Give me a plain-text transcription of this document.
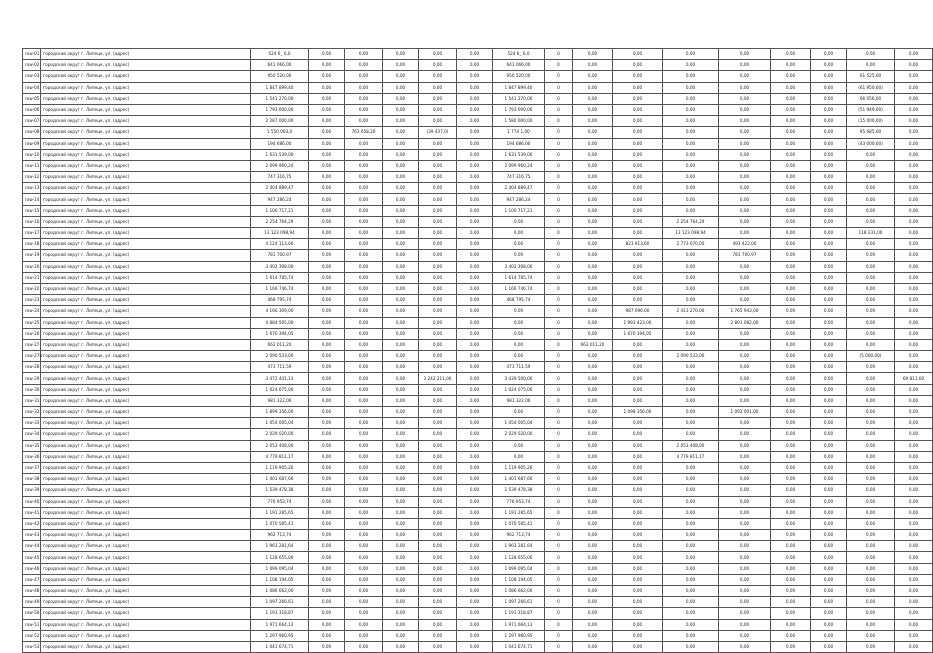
row-01	городской округ г. Липецк, ул. (адрес)	524 6_ 6,0	0,00	0,00	0,00	0,00	0,00	524 6_ 6,0	0	0,00	0,00	0,00	0,00	0,00	0,00	0,00	0,00
row-02	городской округ г. Липецк, ул. (адрес)	641 066,00	0,00	0,00	0,00	0,00	0,00	641 066,00	0	0,00	0,00	0,00	0,00	0,00	0,00	0,00	0,00
row-03	городской округ г. Липецк, ул. (адрес)	950 520,00	0,00	0,00	0,00	0,00	0,00	950 520,00	0	0,00	0,00	0,00	0,00	0,00	0,00	61 525,00	0,00
row-04	городской округ г. Липецк, ул. (адрес)	1 847 899,40	0,00	0,00	0,00	0,00	0,00	1 847 899,40	0	0,00	0,00	0,00	0,00	0,00	0,00	(61 950,00)	0,00
row-05	городской округ г. Липецк, ул. (адрес)	1 541 270,00	0,00	0,00	0,00	0,00	0,00	1 541 270,00	0	0,00	0,00	0,00	0,00	0,00	0,00	66 056,00	0,00
row-06	городской округ г. Липецк, ул. (адрес)	1 793 000,00	0,00	0,00	0,00	0,00	0,00	1 793 000,00	0	0,00	0,00	0,00	0,00	0,00	0,00	(51 949,00)	0,00
row-07	городской округ г. Липецк, ул. (адрес)	2 287 000,00	0,00	0,00	0,00	0,00	0,00	1 580 000,00	0	0,00	0,00	0,00	0,00	0,00	0,00	(15 000,00)	0,00
row-08	городской округ г. Липецк, ул. (адрес)	1 550 063,0	0,00	763 658,20	0,00	(39 437,0)	0,00	1 774 1,00	0	0,00	0,00	0,00	0,00	0,00	0,00	95 685,00	0,00
row-09	городской округ г. Липецк, ул. (адрес)	194 686,00	0,00	0,00	0,00	0,00	0,00	194 686,00	0	0,00	0,00	0,00	0,00	0,00	0,00	(43 000,00)	0,00
row-10	городской округ г. Липецк, ул. (адрес)	1 631 539,00	0,00	0,00	0,00	0,00	0,00	1 631 539,00	0	0,00	0,00	0,00	0,00	0,00	0,00	0,00	0,00
row-11	городской округ г. Липецк, ул. (адрес)	2 099 960,24	0,00	0,00	0,00	0,00	0,00	2 099 960,24	0	0,00	0,00	0,00	0,00	0,00	0,00	0,00	0,00
row-12	городской округ г. Липецк, ул. (адрес)	747 316,75	0,00	0,00	0,00	0,00	0,00	747 316,75	0	0,00	0,00	0,00	0,00	0,00	0,00	0,00	0,00
row-13	городской округ г. Липецк, ул. (адрес)	2 404 889,47	0,00	0,00	0,00	0,00	0,00	2 404 889,47	0	0,00	0,00	0,00	0,00	0,00	0,00	0,00	0,00
row-14	городской округ г. Липецк, ул. (адрес)	947 286,24	0,00	0,00	0,00	0,00	0,00	947 286,24	0	0,00	0,00	0,00	0,00	0,00	0,00	0,00	0,00
row-15	городской округ г. Липецк, ул. (адрес)	1 100 717,21	0,00	0,00	0,00	0,00	0,00	1 100 717,21	0	0,00	0,00	0,00	0,00	0,00	0,00	0,00	0,00
row-16	городской округ г. Липецк, ул. (адрес)	2 254 764,29	0,00	0,00	0,00	0,00	0,00	0,00	0	0,00	0,00	2 254 764,29	0,00	0,00	0,00	0,00	0,00
row-17	городской округ г. Липецк, ул. (адрес)	13 123 098,94	0,00	0,00	0,00	0,00	0,00	0,00	0	0,00	0,00	13 123 098,94	0,00	0,00	0,00	118 231,00	0,00
row-18	городской округ г. Липецк, ул. (адрес)	4 124 113,60	0,00	0,00	0,00	0,00	0,00	0,00	0	0,00	823 913,60	2 773 070,00	493 422,00	0,00	0,00	0,00	0,00
row-19	городской округ г. Липецк, ул. (адрес)	781 700,97	0,00	0,00	0,00	0,00	0,00	0,00	0	0,00	0,00	0,00	781 700,97	0,00	0,00	0,00	0,00
row-20	городской округ г. Липецк, ул. (адрес)	3 402 308,00	0,00	0,00	0,00	0,00	0,00	3 402 308,00	0	0,00	0,00	0,00	0,00	0,00	0,00	0,00	0,00
row-21	городской округ г. Липецк, ул. (адрес)	1 614 785,74	0,00	0,00	0,00	0,00	0,00	1 614 785,74	0	0,00	0,00	0,00	0,00	0,00	0,00	0,00	0,00
row-22	городской округ г. Липецк, ул. (адрес)	1 166 746,74	0,00	0,00	0,00	0,00	0,00	1 166 746,74	0	0,00	0,00	0,00	0,00	0,00	0,00	0,00	0,00
row-23	городской округ г. Липецк, ул. (адрес)	468 795,74	0,00	0,00	0,00	0,00	0,00	468 795,74	0	0,00	0,00	0,00	0,00	0,00	0,00	0,00	0,00
row-24	городской округ г. Липецк, ул. (адрес)	4 166 309,00	0,00	0,00	0,00	0,00	0,00	0,00	0	0,00	987 096,00	2 413 270,00	1 765 943,00	0,00	0,00	0,00	0,00
row-25	городской округ г. Липецк, ул. (адрес)	4 884 505,00	0,00	0,00	0,00	0,00	0,00	0,00	0	0,00	1 993 423,00	0,00	2 891 082,00	0,00	0,00	0,00	0,00
row-26	городской округ г. Липецк, ул. (адрес)	1 670 394,05	0,00	0,00	0,00	0,00	0,00	0,00	0	0,00	1 670 394,05	0,00	0,00	0,00	0,00	0,00	0,00
row-27	городской округ г. Липецк, ул. (адрес)	662 011,20	0,00	0,00	0,00	0,00	0,00	0,00	0	662 011,20	0,00	0,00	0,00	0,00	0,00	0,00	0,00
row-27b	городской округ г. Липецк, ул. (адрес)	2 090 533,00	0,00	0,00	0,00	0,00	0,00	0,00	0	0,00	0,00	2 090 533,00	0,00	0,00	0,00	(5 000,00)	0,00
row-28	городской округ г. Липецк, ул. (адрес)	473 711,59	0,00	0,00	0,00	0,00	0,00	473 711,59	0	0,00	0,00	0,00	0,00	0,00	0,00	0,00	0,00
row-29	городской округ г. Липецк, ул. (адрес)	3 472 441,13	0,00	0,00	0,00	3 242 211,00	0,00	3 439 500,00	0	0,00	0,00	0,00	0,00	0,00	0,00	0,00	69 811,00
row-30	городской округ г. Липецк, ул. (адрес)	1 024 075,00	0,00	0,00	0,00	0,00	0,00	1 024 075,00	0	0,00	0,00	0,00	0,00	0,00	0,00	0,00	0,00
row-31	городской округ г. Липецк, ул. (адрес)	981 322,06	0,00	0,00	0,00	0,00	0,00	981 322,06	0	0,00	0,00	0,00	0,00	0,00	0,00	0,00	0,00
row-32	городской округ г. Липецк, ул. (адрес)	1 899 356,00	0,00	0,00	0,00	0,00	0,00	0,00	0	0,00	1 098 356,00	0,00	1 092 001,00	0,00	0,00	0,00	0,00
row-33	городской округ г. Липецк, ул. (адрес)	1 054 005,04	0,00	0,00	0,00	0,00	0,00	1 054 005,04	0	0,00	0,00	0,00	0,00	0,00	0,00	0,00	0,00
row-34	городской округ г. Липецк, ул. (адрес)	2 029 020,00	0,00	0,00	0,00	0,00	0,00	2 029 020,00	0	0,00	0,00	0,00	0,00	0,00	0,00	0,00	0,00
row-35	городской округ г. Липецк, ул. (адрес)	2 053 408,00	0,00	0,00	0,00	0,00	0,00	0,00	0	0,00	0,00	2 053 408,00	0,00	0,00	0,00	0,00	0,00
row-36	городской округ г. Липецк, ул. (адрес)	4 779 811,17	0,00	0,00	0,00	0,00	0,00	0,00	0	0,00	0,00	4 779 811,17	0,00	0,00	0,00	0,00	0,00
row-37	городской округ г. Липецк, ул. (адрес)	1 119 905,26	0,00	0,00	0,00	0,00	0,00	1 119 905,26	0	0,00	0,00	0,00	0,00	0,00	0,00	0,00	0,00
row-38	городской округ г. Липецк, ул. (адрес)	1 401 687,66	0,00	0,00	0,00	0,00	0,00	1 401 687,66	0	0,00	0,00	0,00	0,00	0,00	0,00	0,00	0,00
row-39	городской округ г. Липецк, ул. (адрес)	1 539 478,38	0,00	0,00	0,00	0,00	0,00	1 539 478,38	0	0,00	0,00	0,00	0,00	0,00	0,00	0,00	0,00
row-40	городской округ г. Липецк, ул. (адрес)	776 953,74	0,00	0,00	0,00	0,00	0,00	776 953,74	0	0,00	0,00	0,00	0,00	0,00	0,00	0,00	0,00
row-41	городской округ г. Липецк, ул. (адрес)	1 191 285,65	0,00	0,00	0,00	0,00	0,00	1 191 285,65	0	0,00	0,00	0,00	0,00	0,00	0,00	0,00	0,00
row-42	городской округ г. Липецк, ул. (адрес)	1 070 585,41	0,00	0,00	0,00	0,00	0,00	1 070 585,41	0	0,00	0,00	0,00	0,00	0,00	0,00	0,00	0,00
row-43	городской округ г. Липецк, ул. (адрес)	962 713,74	0,00	0,00	0,00	0,00	0,00	962 713,74	0	0,00	0,00	0,00	0,00	0,00	0,00	0,00	0,00
row-44	городской округ г. Липецк, ул. (адрес)	1 963 281,64	0,00	0,00	0,00	0,00	0,00	1 963 281,64	0	0,00	0,00	0,00	0,00	0,00	0,00	0,00	0,00
row-45	городской округ г. Липецк, ул. (адрес)	1 128 655,00	0,00	0,00	0,00	0,00	0,00	1 128 655,00	0	0,00	0,00	0,00	0,00	0,00	0,00	0,00	0,00
row-46	городской округ г. Липецк, ул. (адрес)	1 099 095,04	0,00	0,00	0,00	0,00	0,00	1 099 095,04	0	0,00	0,00	0,00	0,00	0,00	0,00	0,00	0,00
row-47	городской округ г. Липецк, ул. (адрес)	1 108 194,05	0,00	0,00	0,00	0,00	0,00	1 108 194,05	0	0,00	0,00	0,00	0,00	0,00	0,00	0,00	0,00
row-48	городской округ г. Липецк, ул. (адрес)	1 086 662,00	0,00	0,00	0,00	0,00	0,00	1 086 662,00	0	0,00	0,00	0,00	0,00	0,00	0,00	0,00	0,00
row-49	городской округ г. Липецк, ул. (адрес)	1 097 266,61	0,00	0,00	0,00	0,00	0,00	1 097 266,61	0	0,00	0,00	0,00	0,00	0,00	0,00	0,00	0,00
row-50	городской округ г. Липецк, ул. (адрес)	1 191 318,87	0,00	0,00	0,00	0,00	0,00	1 191 318,87	0	0,00	0,00	0,00	0,00	0,00	0,00	0,00	0,00
row-51	городской округ г. Липецк, ул. (адрес)	1 971 664,13	0,00	0,00	0,00	0,00	0,00	1 971 664,13	0	0,00	0,00	0,00	0,00	0,00	0,00	0,00	0,00
row-52	городской округ г. Липецк, ул. (адрес)	1 297 960,95	0,00	0,00	0,00	0,00	0,00	1 297 960,95	0	0,00	0,00	0,00	0,00	0,00	0,00	0,00	0,00
row-53	городской округ г. Липецк, ул. (адрес)	1 041 674,71	0,00	0,00	0,00	0,00	0,00	1 041 674,71	0	0,00	0,00	0,00	0,00	0,00	0,00	0,00	0,00
